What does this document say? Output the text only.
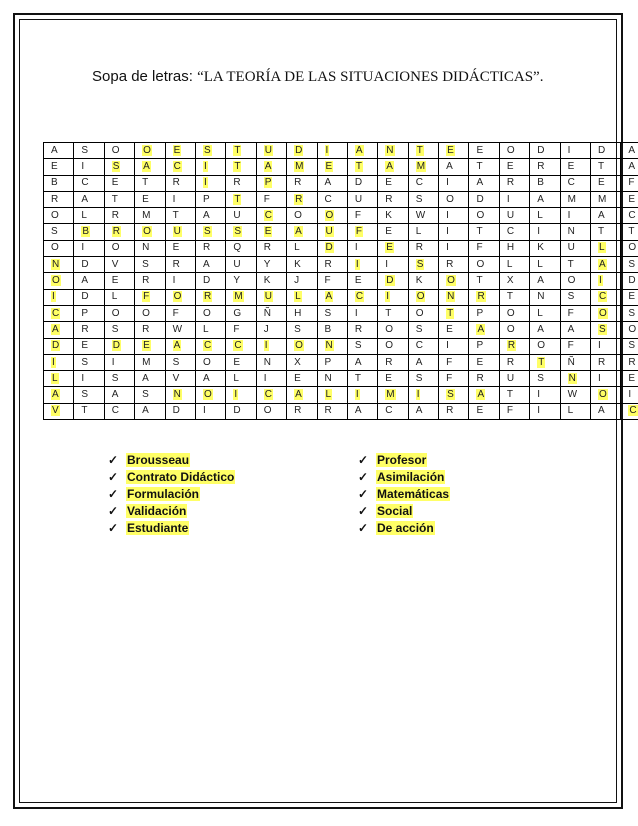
Sopa de letras: “LA TEORÍA DE LAS SITUACIONES DIDÁCTICAS”.
A	S	O	O	E	S	T	U	D	I	A	N	T	E	E	O	D	I	D	A
E	I	S	A	C	I	T	A	M	E	T	A	M	A	T	E	R	E	T	A
B	C	E	T	R	I	R	P	R	A	D	E	C	I	A	R	B	C	E	F
R	A	T	E	I	P	T	F	R	C	U	R	S	O	D	I	A	M	M	E
O	L	R	M	T	A	U	C	O	O	F	K	W	I	O	U	L	I	A	C
S	B	R	O	U	S	S	E	A	U	F	E	L	I	T	C	I	N	T	T
O	I	O	N	E	R	Q	R	L	D	I	E	R	I	F	H	K	U	L	O
N	D	V	S	R	A	U	Y	K	R	I	I	S	R	O	L	L	T	A	S
O	A	E	R	I	D	Y	K	J	F	E	D	K	O	T	X	A	O	I	D
I	D	L	F	O	R	M	U	L	A	C	I	O	N	R	T	N	S	C	E
C	P	O	O	F	O	G	Ñ	H	S	I	T	O	T	P	O	L	F	O	S
A	R	S	R	W	L	F	J	S	B	R	O	S	E	A	O	A	A	S	O
D	E	D	E	A	C	C	I	O	N	S	O	C	I	P	R	O	F	I	S
I	S	I	M	S	O	E	N	X	P	A	R	A	F	E	R	T	Ñ	R	R
L	I	S	A	V	A	L	I	E	N	T	E	S	F	R	U	S	N	I	E
A	S	A	S	N	O	I	C	A	L	I	M	I	S	A	T	I	W	O	I
V	T	C	A	D	I	D	O	R	R	A	C	A	R	E	F	I	L	A	C
✓ Brousseau
✓ Contrato Didáctico
✓ Formulación
✓ Validación
✓ Estudiante
✓ Profesor
✓ Asimilación
✓ Matemáticas
✓ Social
✓ De acción
